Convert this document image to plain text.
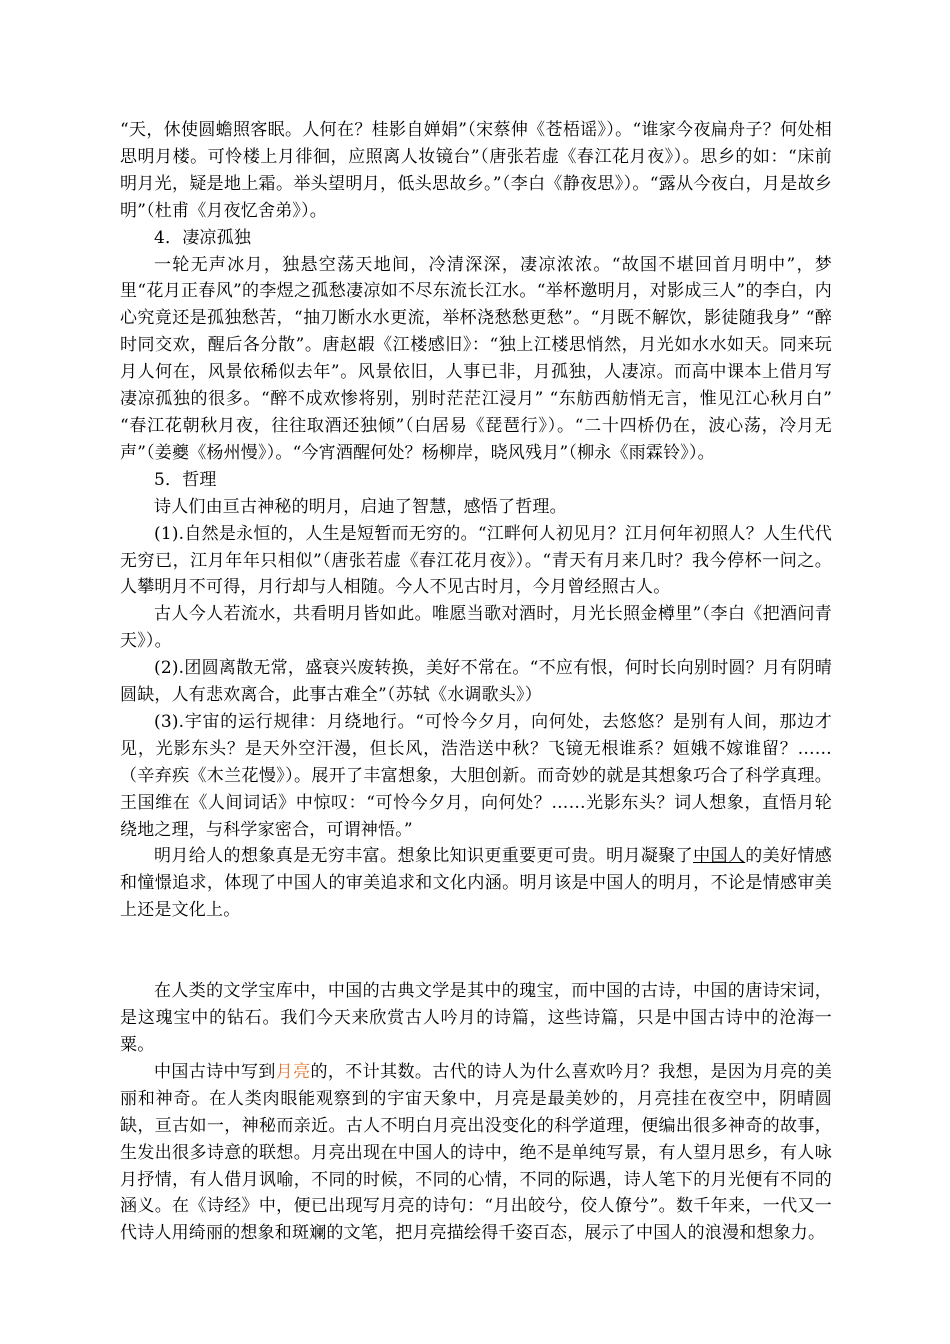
“天，休使圆蟾照客眠。人何在？桂影自婵娟”（宋蔡伸《苍梧谣》）。“谁家今夜扁舟子？何处相思明月楼。可怜楼上月徘徊，应照离人妆镜台”（唐张若虚《春江花月夜》）。思乡的如：“床前明月光，疑是地上霜。举头望明月，低头思故乡。”（李白《静夜思》）。“露从今夜白，月是故乡明”（杜甫《月夜忆舍弟》）。

4．凄凉孤独

一轮无声冰月，独悬空荡天地间，冷清深深，凄凉浓浓。“故国不堪回首月明中”，梦里“花月正春风”的李煜之孤愁凄凉如不尽东流长江水。“举杯邀明月，对影成三人”的李白，内心究竟还是孤独愁苦，“抽刀断水水更流，举杯浇愁愁更愁”。“月既不解饮，影徒随我身” “醉时同交欢，醒后各分散”。唐赵嘏《江楼感旧》：“独上江楼思悄然，月光如水水如天。同来玩月人何在，风景依稀似去年”。风景依旧，人事已非，月孤独，人凄凉。而高中课本上借月写凄凉孤独的很多。“醉不成欢惨将别，别时茫茫江浸月” “东舫西舫悄无言，惟见江心秋月白” “春江花朝秋月夜，往往取酒还独倾”（白居易《琵琶行》）。“二十四桥仍在，波心荡，冷月无声”（姜夔《杨州慢》）。“今宵酒醒何处？杨柳岸，晓风残月”（柳永《雨霖铃》）。

5．哲理

诗人们由亘古神秘的明月，启迪了智慧，感悟了哲理。

(1).自然是永恒的，人生是短暂而无穷的。“江畔何人初见月？江月何年初照人？人生代代无穷已，江月年年只相似”（唐张若虚《春江花月夜》）。“青天有月来几时？我今停杯一问之。人攀明月不可得，月行却与人相随。今人不见古时月，今月曾经照古人。

古人今人若流水，共看明月皆如此。唯愿当歌对酒时，月光长照金樽里”（李白《把酒问青天》）。

(2).团圆离散无常，盛衰兴废转换，美好不常在。“不应有恨，何时长向别时圆？月有阴晴圆缺，人有悲欢离合，此事古难全”（苏轼《水调歌头》）

(3).宇宙的运行规律：月绕地行。“可怜今夕月，向何处，去悠悠？是别有人间，那边才见，光影东头？是天外空汗漫，但长风，浩浩送中秋？飞镜无根谁系？姮娥不嫁谁留？……（辛弃疾《木兰花慢》）。展开了丰富想象，大胆创新。而奇妙的就是其想象巧合了科学真理。王国维在《人间词话》中惊叹：“可怜今夕月，向何处？……光影东头？词人想象，直悟月轮绕地之理，与科学家密合，可谓神悟。”

明月给人的想象真是无穷丰富。想象比知识更重要更可贵。明月凝聚了中国人的美好情感和憧憬追求，体现了中国人的审美追求和文化内涵。明月该是中国人的明月，不论是情感审美上还是文化上。

在人类的文学宝库中，中国的古典文学是其中的瑰宝，而中国的古诗，中国的唐诗宋词，是这瑰宝中的钻石。我们今天来欣赏古人吟月的诗篇，这些诗篇，只是中国古诗中的沧海一粟。

中国古诗中写到月亮的，不计其数。古代的诗人为什么喜欢吟月？我想，是因为月亮的美丽和神奇。在人类肉眼能观察到的宇宙天象中，月亮是最美妙的，月亮挂在夜空中，阴晴圆缺，亘古如一，神秘而亲近。古人不明白月亮出没变化的科学道理，便编出很多神奇的故事，生发出很多诗意的联想。月亮出现在中国人的诗中，绝不是单纯写景，有人望月思乡，有人咏月抒情，有人借月讽喻，不同的时候，不同的心情，不同的际遇，诗人笔下的月光便有不同的涵义。在《诗经》中，便已出现写月亮的诗句：“月出皎兮，佼人僚兮”。数千年来，一代又一代诗人用绮丽的想象和斑斓的文笔，把月亮描绘得千姿百态，展示了中国人的浪漫和想象力。
